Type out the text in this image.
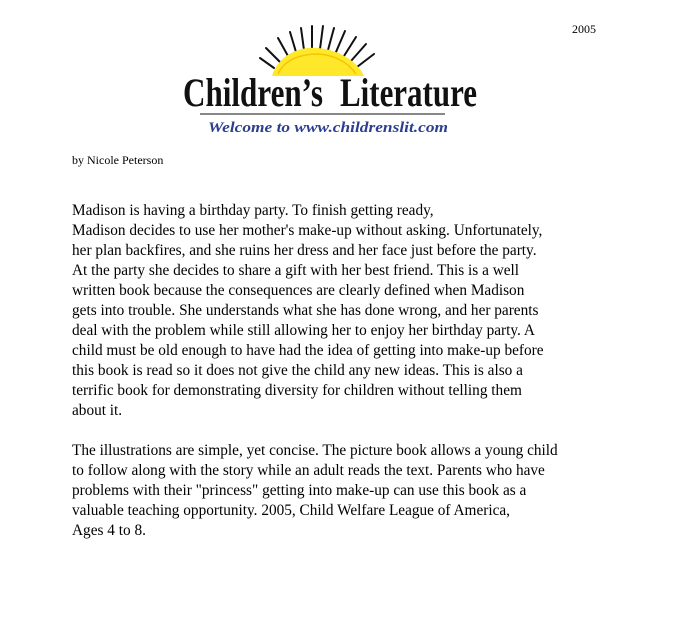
2005
Children’s Literature
Welcome to www.childrenslit.com
by Nicole Peterson
Madison is having a birthday party. To finish getting ready,
Madison decides to use her mother's make-up without asking. Unfortunately,
her plan backfires, and she ruins her dress and her face just before the party.
At the party she decides to share a gift with her best friend. This is a well
written book because the consequences are clearly defined when Madison
gets into trouble. She understands what she has done wrong, and her parents
deal with the problem while still allowing her to enjoy her birthday party. A
child must be old enough to have had the idea of getting into make-up before
this book is read so it does not give the child any new ideas. This is also a
terrific book for demonstrating diversity for children without telling them
about it.
The illustrations are simple, yet concise. The picture book allows a young child
to follow along with the story while an adult reads the text. Parents who have
problems with their "princess" getting into make-up can use this book as a
valuable teaching opportunity. 2005, Child Welfare League of America,
Ages 4 to 8.
